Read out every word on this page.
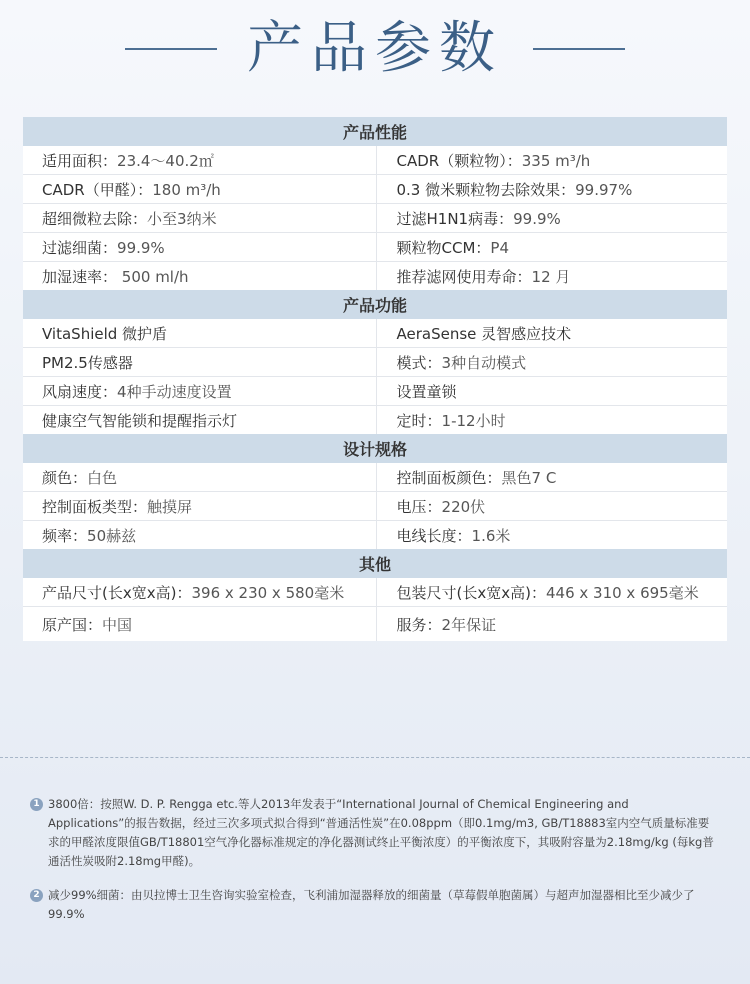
产品参数
产品性能	
适用面积：23.4～40.2㎡	CADR（颗粒物）：335 m³/h
CADR（甲醛）：180 m³/h	0.3 微米颗粒物去除效果：99.97%
超细微粒去除：小至3纳米	过滤H1N1病毒：99.9%
过滤细菌：99.9%	颗粒物CCM：P4
加湿速率： 500 ml/h	推荐滤网使用寿命：12 月
产品功能	
VitaShield 微护盾	AeraSense 灵智感应技术
PM2.5传感器	模式：3种自动模式
风扇速度：4种手动速度设置	设置童锁
健康空气智能锁和提醒指示灯	定时：1-12小时
设计规格	
颜色：白色	控制面板颜色：黑色7 C
控制面板类型：触摸屏	电压：220伏
频率：50赫兹	电线长度：1.6米
其他	
产品尺寸(长x宽x高)：396 x 230 x 580毫米	包装尺寸(长x宽x高)：446 x 310 x 695毫米
原产国：中国	服务：2年保证
1 3800倍：按照W. D. P. Rengga etc.等人2013年发表于“International Journal of Chemical Engineering and Applications”的报告数据，经过三次多项式拟合得到“普通活性炭”在0.08ppm（即0.1mg/m3, GB/T18883室内空气质量标准要求的甲醛浓度限值GB/T18801空气净化器标准规定的净化器测试终止平衡浓度）的平衡浓度下，其吸附容量为2.18mg/kg (每kg普通活性炭吸附2.18mg甲醛)。
2 减少99%细菌：由贝拉博士卫生咨询实验室检查，飞利浦加湿器释放的细菌量（草莓假单胞菌属）与超声加湿器相比至少减少了99.9%
